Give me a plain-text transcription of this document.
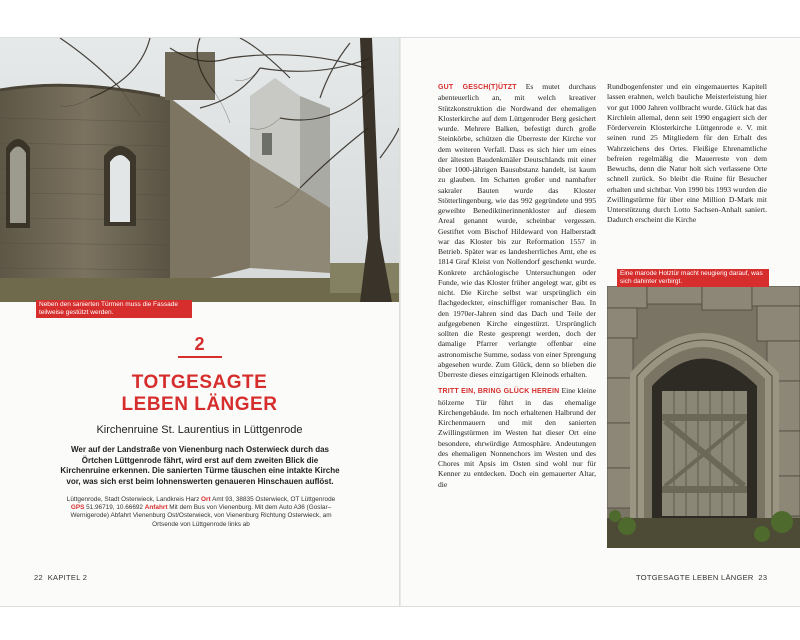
Neben den sanierten Türmen muss die Fassade teilweise gestützt werden.
2
TOTGESAGTE
LEBEN LÄNGER
Kirchenruine St. Laurentius in Lüttgenrode
Wer auf der Landstraße von Vienenburg nach Osterwieck durch das Örtchen Lüttgenrode fährt, wird erst auf dem zweiten Blick die Kirchenruine erkennen. Die sanierten Türme täuschen eine intakte Kirche vor, was sich erst beim lohnenswerten genaueren Hinschauen auflöst.
Lüttgenrode, Stadt Osterwieck, Landkreis Harz Ort Amt 93, 38835 Osterwieck, OT Lüttgenrode GPS 51.96719, 10.66692 Anfahrt Mit dem Bus von Vienenburg. Mit dem Auto A36 (Goslar–Wernigerode) Abfahrt Vienenburg Ost/Osterwieck, von Vienenburg Richtung Osterwieck, am Ortsende von Lüttgenrode links ab
22 KAPITEL 2

GUT GESCH(T)ÜTZT Es mutet durchaus abenteuerlich an, mit welch kreativer Stützkonstruktion die Nordwand der ehemaligen Klosterkirche auf dem Lüttgenroder Berg gesichert wurde. Mehrere Balken, befestigt durch große Steinkörbe, schützen die Überreste der Kirche vor dem weiteren Verfall. Dass es sich hier um eines der ältesten Baudenkmäler Deutschlands mit einer über 1000-jährigen Bausubstanz handelt, ist kaum zu glauben. Im Schatten großer und namhafter sakraler Bauten wurde das Kloster Stötterlingenburg, wie das 992 gegründete und 995 geweihte Benediktinerinnenkloster auf diesem Areal genannt wurde, scheinbar vergessen. Gestiftet vom Bischof Hildeward von Halberstadt war das Kloster bis zur Reformation 1557 in Betrieb. Später war es landesherrliches Amt, ehe es 1814 Graf Kleist von Nollendorf geschenkt wurde. Konkrete archäologische Untersuchungen oder Funde, wie das Kloster früher angelegt war, gibt es nicht. Die Kirche selbst war ursprünglich ein flachgedeckter, einschiffiger romanischer Bau. In den 1970er-Jahren sind das Dach und Teile der aufgegebenen Kirche eingestürzt. Ursprünglich sollten die Reste gesprengt werden, doch der damalige Pfarrer verlangte offenbar eine astronomische Summe, sodass von einer Sprengung abgesehen wurde. Zum Glück, denn so blieben die Überreste dieses einzigartigen Kleinods erhalten.

TRITT EIN, BRING GLÜCK HEREIN Eine kleine hölzerne Tür führt in das ehemalige Kirchengebäude. Im noch erhaltenen Halbrund der Kirchenmauern und mit den sanierten Zwillingstürmen im Westen hat dieser Ort eine besondere, ehrwürdige Atmosphäre. Andeutungen des ehemaligen Nonnenchors im Westen und des Chores mit Apsis im Osten sind wohl nur für Kenner zu entdecken. Doch ein gemauerter Altar, die

Rundbogenfenster und ein eingemauertes Kapitell lassen erahnen, welch bauliche Meisterleistung hier vor gut 1000 Jahren vollbracht wurde. Glück hat das Kirchlein allemal, denn seit 1990 engagiert sich der Förderverein Klosterkirche Lüttgenrode e. V. mit seinen rund 25 Mitgliedern für den Erhalt des Wahrzeichens des Ortes. Fleißige Ehrenamtliche befreien regelmäßig die Mauerreste von dem Bewuchs, denn die Natur holt sich verlassene Orte schnell zurück. So bleibt die Ruine für Besucher erhalten und sichtbar. Von 1990 bis 1993 wurden die Zwillingstürme für über eine Million D-Mark mit Unterstützung durch Lotto Sachsen-Anhalt saniert. Dadurch erscheint die Kirche

Eine marode Holztür macht neugierig darauf, was sich dahinter verbirgt.
TOTGESAGTE LEBEN LÄNGER 23
